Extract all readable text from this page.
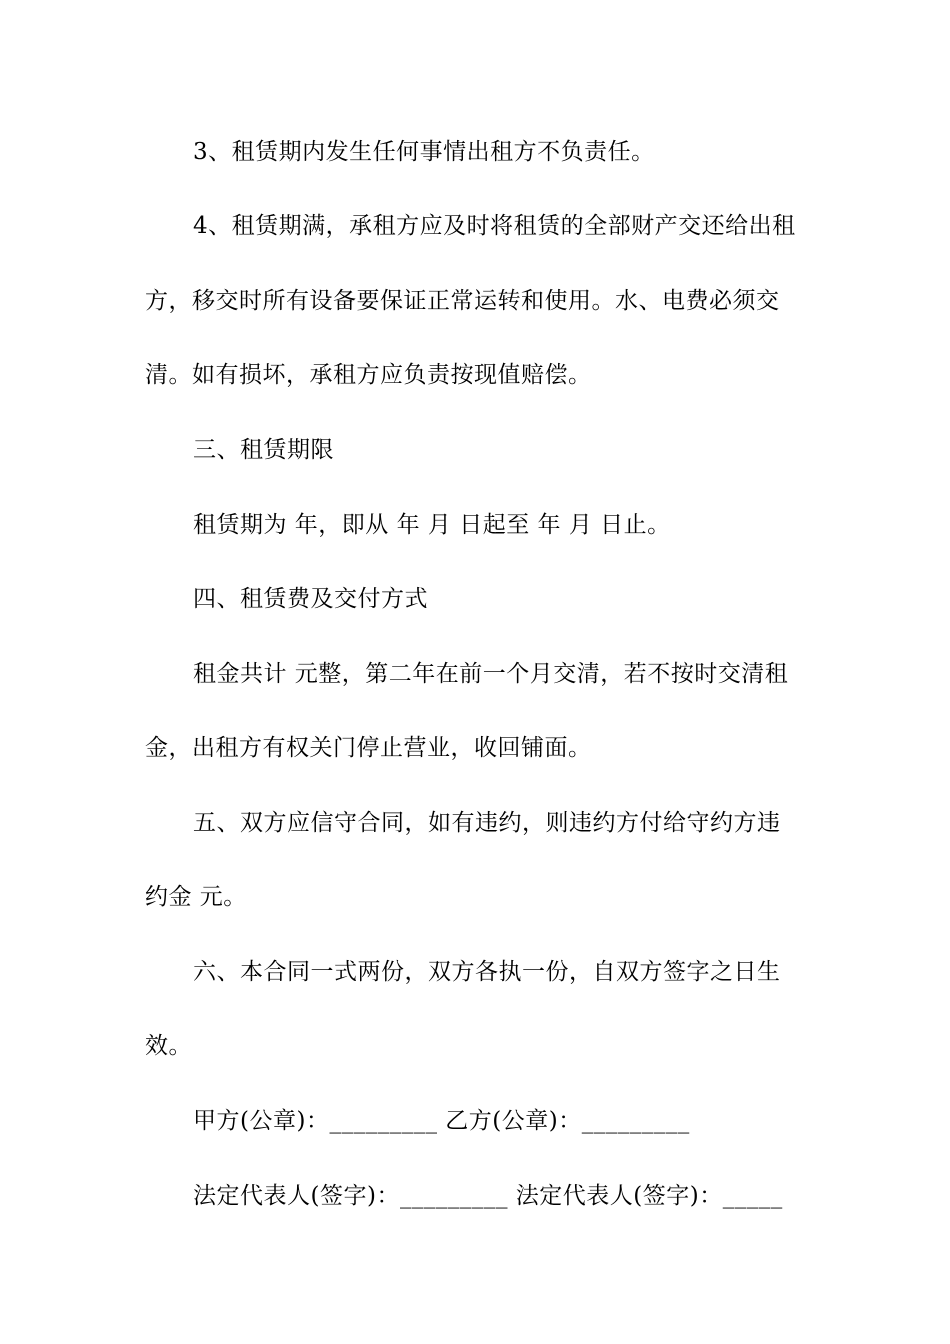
3、租赁期内发生任何事情出租方不负责任。
4、租赁期满，承租方应及时将租赁的全部财产交还给出租
方，移交时所有设备要保证正常运转和使用。水、电费必须交
清。如有损坏，承租方应负责按现值赔偿。
三、租赁期限
租赁期为 年，即从 年 月 日起至 年 月 日止。
四、租赁费及交付方式
租金共计 元整，第二年在前一个月交清，若不按时交清租
金，出租方有权关门停止营业，收回铺面。
五、双方应信守合同，如有违约，则违约方付给守约方违
约金 元。
六、本合同一式两份，双方各执一份，自双方签字之日生
效。
甲方(公章)：_________ 乙方(公章)：_________
法定代表人(签字)：_________ 法定代表人(签字)：_____
